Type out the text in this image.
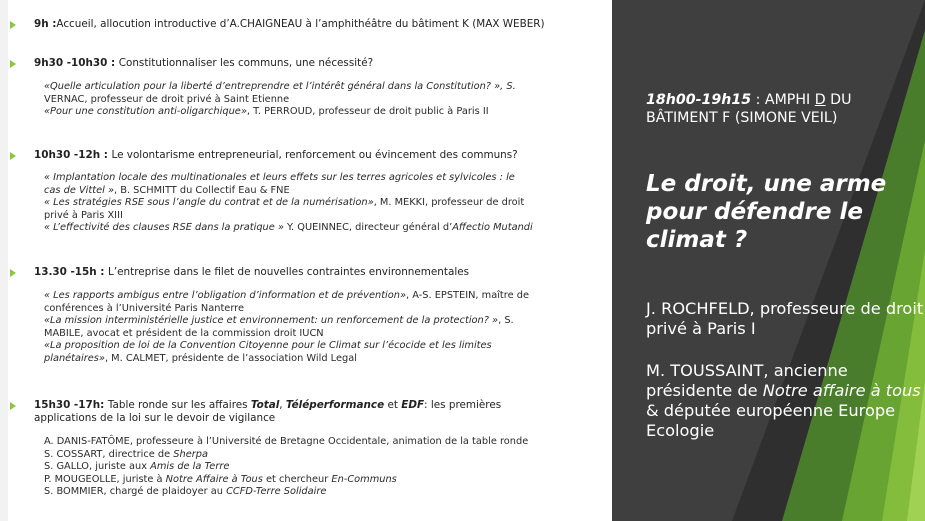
9h :Accueil, allocution introductive d’A.CHAIGNEAU à l’amphithéâtre du bâtiment K (MAX WEBER)
9h30 -10h30 : Constitutionnaliser les communs, une nécessité?

«Quelle articulation pour la liberté d’entreprendre et l’intérêt général dans la Constitution? », S.

VERNAC, professeur de droit privé à Saint Etienne

«Pour une constitution anti-oligarchique», T. PERROUD, professeur de droit public à Paris II

10h30 -12h : Le volontarisme entrepreneurial, renforcement ou évincement des communs?

« Implantation locale des multinationales et leurs effets sur les terres agricoles et sylvicoles : le

cas de Vittel », B. SCHMITT du Collectif Eau & FNE

« Les stratégies RSE sous l’angle du contrat et de la numérisation», M. MEKKI, professeur de droit

privé à Paris XIII

« L’effectivité des clauses RSE dans la pratique » Y. QUEINNEC, directeur général d’Affectio Mutandi

13.30 -15h : L’entreprise dans le filet de nouvelles contraintes environnementales

« Les rapports ambigus entre l’obligation d’information et de prévention», A-S. EPSTEIN, maître de

conférences à l’Université Paris Nanterre

«La mission interministérielle justice et environnement: un renforcement de la protection? », S.

MABILE, avocat et président de la commission droit IUCN

«La proposition de loi de la Convention Citoyenne pour le Climat sur l’écocide et les limites

planétaires», M. CALMET, présidente de l’association Wild Legal

15h30 -17h: Table ronde sur les affaires Total, Téléperformance et EDF: les premières
applications de la loi sur le devoir de vigilance

A. DANIS-FATÔME, professeure à l’Université de Bretagne Occidentale, animation de la table ronde

S. COSSART, directrice de Sherpa

S. GALLO, juriste aux Amis de la Terre

P. MOUGEOLLE, juriste à Notre Affaire à Tous et chercheur En-Communs

S. BOMMIER, chargé de plaidoyer au CCFD-Terre Solidaire

18h00-19h15 : AMPHI D DU BÂTIMENT F (SIMONE VEIL)
Le droit, une arme pour défendre le climat ?
J. ROCHFELD, professeure de droit privé à Paris I
M. TOUSSAINT, ancienne présidente de Notre affaire à tous & députée européenne Europe Ecologie
